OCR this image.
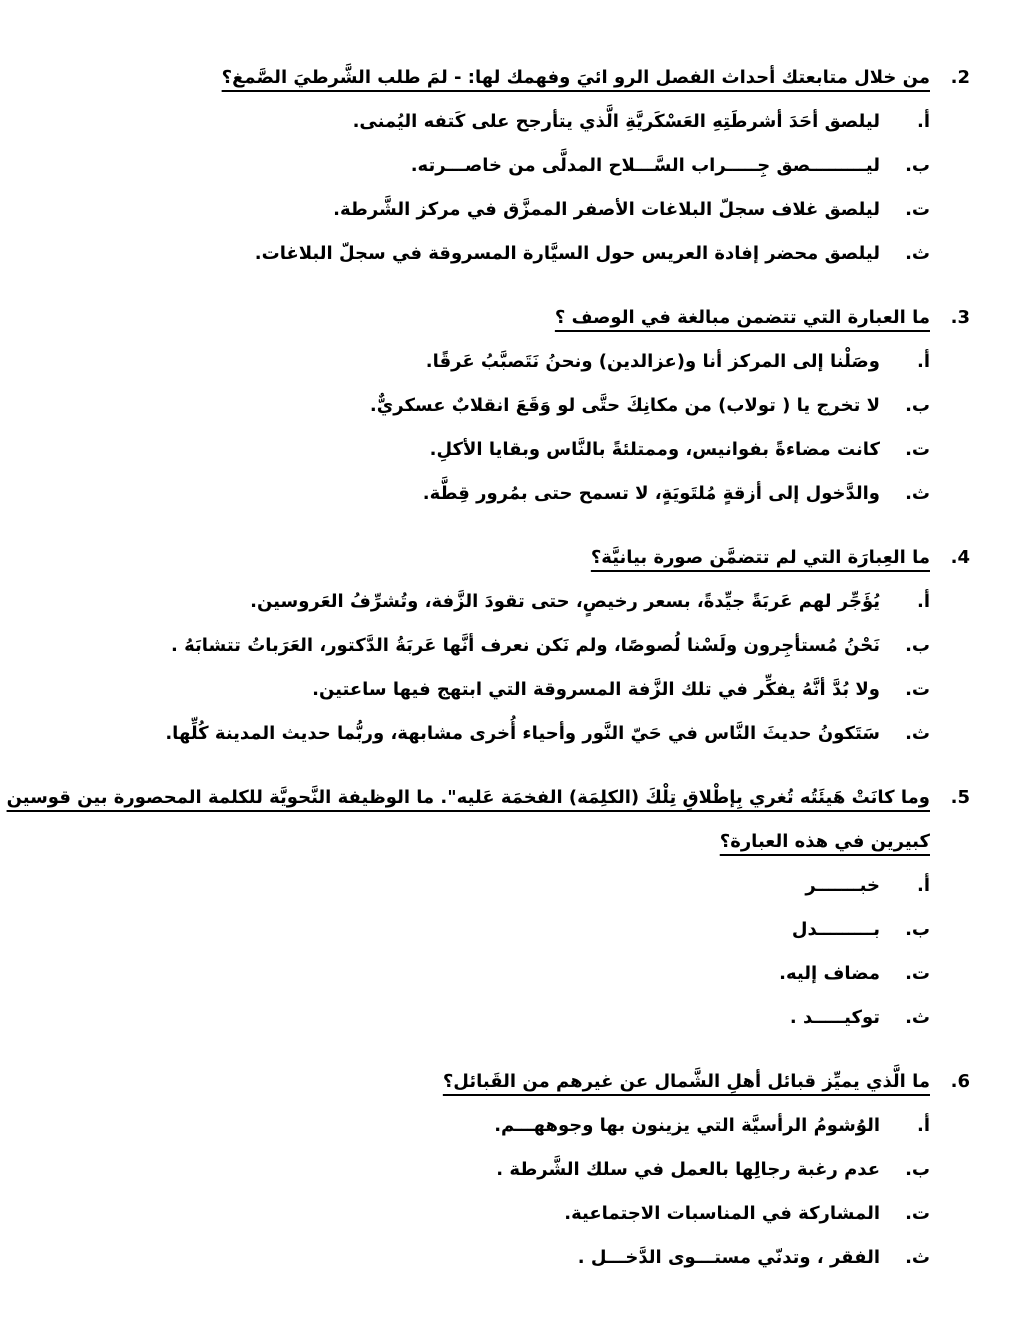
2.
من خلال متابعتك أحداث الفصل الرو ائيَ وفهمك لها: - لمَ طلب الشَّرطيَ الصَّمغ؟
أ.
ليلصق أحَدَ أشرطَتِهِ العَسْكَريَّةِ الَّذي يتأرجح على كَتفه اليُمنى.
ب.
ليـــــــــصق جِـــــراب السَّـــلاح المدلَّى من خاصـــرته.
ت.
ليلصق غلاف سجلّ البلاغات الأصفر الممزَّق في مركز الشَّرطة.
ث.
ليلصق محضر إفادة العريس حول السيَّارة المسروقة في سجلّ البلاغات.
3.
ما العبارة التي تتضمن مبالغة في الوصف ؟
أ.
وصَلْنا إلى المركز أنا و(عزالدين) ونحنُ نَتَصبَّبُ عَرقًا.
ب.
لا تخرج يا ( تولاب) من مكانِكَ حتَّى لو وَقَعَ انقلابٌ عسكريٌّ.
ت.
كانت مضاءةً بفوانيس، وممتلئةً بالنَّاس وبقايا الأكلِ.
ث.
والدَّخول إلى أزقةٍ مُلتَويَةٍ، لا تسمح حتى بمُرور قِطَّة.
4.
ما العِبارَة التي لم تتضمَّن صورة بيانيَّة؟
أ.
يُؤَجِّر لهم عَربَةً جيِّدةً، بسعر رخيصٍ، حتى تقودَ الزَّفة، وتُشرِّفُ العَروسين.
ب.
نَحْنُ مُستأجِرون ولَسْنا لُصوصًا، ولم نَكن نعرف أنَّها عَربَةُ الدَّكتور، العَرَباتُ تتشابَهُ .
ت.
ولا بُدَّ أنَّهُ يفكِّر في تلك الزَّفة المسروقة التي ابتهج فيها ساعتين.
ث.
سَتَكونُ حديثَ النَّاس في حَيّ النَّور وأحياء أُخرى مشابهة، وربُّما حديث المدينة كُلِّها.
5.
وما كانَتْ هَيئَتُه تُغري بِإطْلاقِ تِلْكَ (الكلِمَة) الفخمَة عَليه". ما الوظيفة النَّحويَّة للكلمة المحصورة بين قوسين
كبيرين في هذه العبارة؟
أ.
خبـــــــر
ب.
بـــــــــدل
ت.
مضاف إليه.
ث.
توكيـــــد .
6.
ما الَّذي يميِّز قبائل أهلِ الشَّمال عن غيرهم من القَبائل؟
أ.
الوُشومُ الرأسيَّة التي يزينون بها وجوههـــم.
ب.
عدم رغبة رجالِها بالعمل في سلك الشَّرطة .
ت.
المشاركة في المناسبات الاجتماعية.
ث.
الفقر ، وتدنّي مستـــوى الدَّخـــل .
